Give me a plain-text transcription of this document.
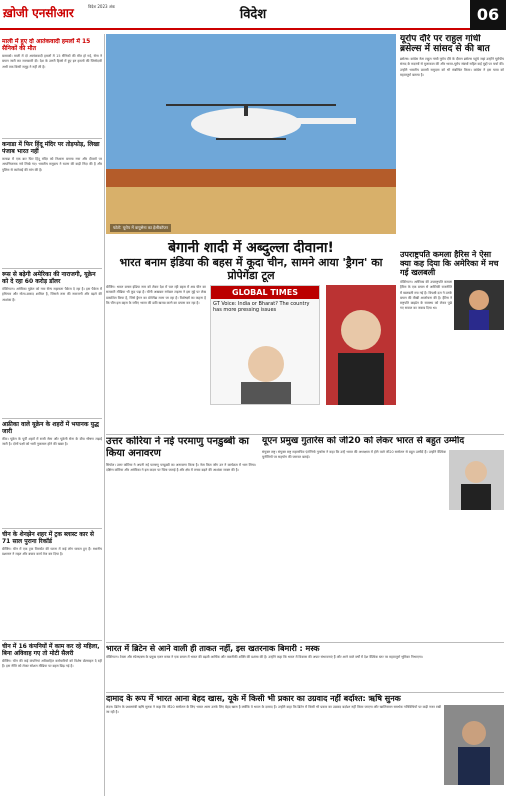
ख़ोजी एनसीआर	विदेश 2023 अंक
विदेश	06
माली में हुए दो आतंकवादी हमलों में 15 सैनिकों की मौत
बामाको। माली में दो आतंकवादी हमलों में 15 सैनिकों की मौत हो गई, सेना ने बयान जारी कर जानकारी दी। देश के उत्तरी हिस्से में हुए इन हमलों की जिम्मेदारी अभी तक किसी समूह ने नहीं ली है।
कनाडा में फिर हिंदू मंदिर पर तोड़फोड़, लिखा पंजाब भारत नहीं
कनाडा में एक बार फिर हिंदू मंदिर को निशाना बनाया गया और दीवारों पर आपत्तिजनक नारे लिखे गए। भारतीय समुदाय ने घटना की कड़ी निंदा की है और पुलिस से कार्रवाई की मांग की है।
रूस से बढ़ेगी अमेरिका की नाराजगी, यूक्रेन को दे रहा 60 करोड़ डॉलर
वॉशिंगटन। अमेरिका यूक्रेन को नया सैन्य सहायता पैकेज दे रहा है। इस पैकेज में हथियार और गोला-बारूद शामिल है, जिससे रूस की नाराजगी और बढ़ने की आशंका है।
अफ्रीका वाले यूक्रेन के शहरों में भयानक युद्ध जारी
कीव। यूक्रेन के पूर्वी शहरों में रूसी सेना और यूक्रेनी सेना के बीच भीषण लड़ाई जारी है। दोनों पक्षों को भारी नुकसान होने की खबर है।
चीन के शेनझेन शहर में ट्रक ब्लास्ट कार से 71 साल पुराना रिकॉर्ड
बीजिंग। चीन में एक ट्रक विस्फोट की घटना में कई लोग घायल हुए हैं। स्थानीय प्रशासन ने राहत और बचाव कार्य तेज कर दिया है।
चीन में 16 कंपनियों में काम कर रहे महिला, बिना अविवाह गए तो मोटी सैलरी
बीजिंग। चीन की कई कंपनियां अविवाहित कर्मचारियों को विशेष प्रोत्साहन दे रही हैं। इस नीति को लेकर सोशल मीडिया पर बहस छिड़ गई है।
फोटो: यूरोप में वायुसेना का हेलीकॉप्टर
यूरोप दौरे पर राहुल गांधी ब्रसेल्स में सांसद से की बात
ब्रसेल्स। कांग्रेस नेता राहुल गांधी यूरोप दौरे के दौरान ब्रसेल्स पहुंचे जहां उन्होंने यूरोपीय संसद के सदस्यों से मुलाकात की और भारत-यूरोप संबंधों सहित कई मुद्दों पर चर्चा की। उन्होंने भारतीय प्रवासी समुदाय को भी संबोधित किया। कांग्रेस ने इस यात्रा को महत्वपूर्ण बताया है।
बेगानी शादी में अब्दुल्ला दीवाना!
भारत बनाम इंडिया की बहस में कूदा चीन, सामने आया 'ड्रैगन' का प्रोपेगेंडा टूल
बीजिंग। भारत बनाम इंडिया नाम को लेकर देश में चल रही बहस में अब चीन का सरकारी मीडिया भी कूद पड़ा है। चीनी अखबार ग्लोबल टाइम्स ने इस मुद्दे पर लेख प्रकाशित किया है, जिसे ड्रैगन का प्रोपेगेंडा माना जा रहा है। विशेषज्ञों का कहना है कि चीन इस बहस के जरिए भारत की छवि खराब करने का प्रयास कर रहा है।
GLOBAL TIMES
GT Voice: India or Bharat? The country has more pressing issues
उपराष्ट्रपति कमला हैरिस ने ऐसा क्या कह दिया कि अमेरिका में मच गई खलबली
वॉशिंगटन। अमेरिका की उपराष्ट्रपति कमला हैरिस के एक बयान से अमेरिकी राजनीति में खलबली मच गई है। विपक्षी दल ने उनके बयान की तीखी आलोचना की है। हैरिस ने राष्ट्रपति बाइडेन के स्वास्थ्य को लेकर पूछे गए सवाल का जवाब दिया था।
उत्तर कोरिया ने नई परमाणु पनडुब्बी का किया अनावरण
सियोल। उत्तर कोरिया ने अपनी नई परमाणु पनडुब्बी का अनावरण किया है। नेता किम जोंग उन ने कार्यक्रम में भाग लिया। दक्षिण कोरिया और अमेरिका ने इस कदम पर चिंता जताई है और क्षेत्र में तनाव बढ़ने की आशंका व्यक्त की है।
यूएन प्रमुख गुतारेस को जी20 को लेकर भारत से बहुत उम्मीद
संयुक्त राष्ट्र। संयुक्त राष्ट्र महासचिव एंटोनियो गुतारेस ने कहा कि उन्हें भारत की अध्यक्षता में होने वाले जी20 सम्मेलन से बहुत उम्मीदें हैं। उन्होंने वैश्विक चुनौतियों पर सहयोग की जरूरत बताई।
भारत में ब्रिटेन से आने वाली ही ताकत नहीं, इस खतरनाक बिमारी : मस्क
वॉशिंगटन। टेस्ला और स्पेसएक्स के प्रमुख एलन मस्क ने एक बयान में भारत की बढ़ती आर्थिक और तकनीकी शक्ति की प्रशंसा की है। उन्होंने कहा कि भारत में विकास की अपार संभावनाएं हैं और आने वाले वर्षों में देश वैश्विक स्तर पर महत्वपूर्ण भूमिका निभाएगा।
दामाद के रूप में भारत आना बेहद खास, यूके में किसी भी प्रकार का उग्रवाद नहीं बर्दाश्त: ऋषि सुनक
लंदन। ब्रिटेन के प्रधानमंत्री ऋषि सुनक ने कहा कि जी20 सम्मेलन के लिए भारत आना उनके लिए बेहद खास है क्योंकि वे भारत के दामाद हैं। उन्होंने कहा कि ब्रिटेन में किसी भी प्रकार का उग्रवाद बर्दाश्त नहीं किया जाएगा और खालिस्तान समर्थक गतिविधियों पर कड़ी नजर रखी जा रही है।
